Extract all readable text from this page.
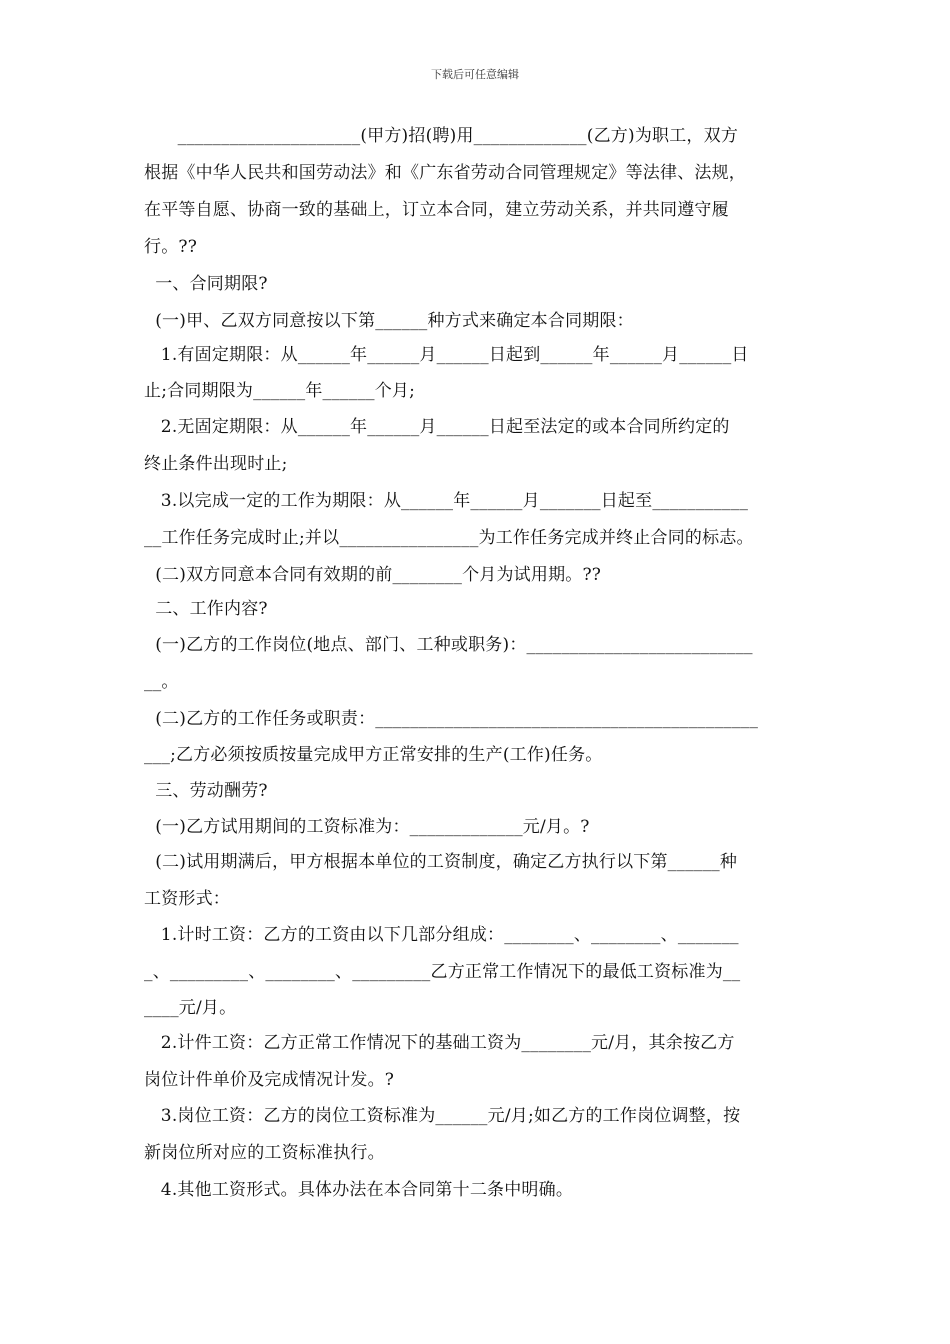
下载后可任意编辑
_____________________(甲方)招(聘)用_____________(乙方)为职工，双方
根据《中华人民共和国劳动法》和《广东省劳动合同管理规定》等法律、法规，
在平等自愿、协商一致的基础上，订立本合同，建立劳动关系，并共同遵守履
行。??
一、合同期限?
(一)甲、乙双方同意按以下第______种方式来确定本合同期限：
1.有固定期限：从______年______月______日起到______年______月______日
止;合同期限为______年______个月;
2.无固定期限：从______年______月______日起至法定的或本合同所约定的
终止条件出现时止;
3.以完成一定的工作为期限：从______年______月_______日起至___________
__工作任务完成时止;并以________________为工作任务完成并终止合同的标志。
(二)双方同意本合同有效期的前________个月为试用期。??
二、工作内容?
(一)乙方的工作岗位(地点、部门、工种或职务)：__________________________
__。
(二)乙方的工作任务或职责：____________________________________________
___;乙方必须按质按量完成甲方正常安排的生产(工作)任务。
三、劳动酬劳?
(一)乙方试用期间的工资标准为：_____________元/月。?
(二)试用期满后，甲方根据本单位的工资制度，确定乙方执行以下第______种
工资形式：
1.计时工资：乙方的工资由以下几部分组成：________、________、_______
_、_________、________、_________乙方正常工作情况下的最低工资标准为__
____元/月。
2.计件工资：乙方正常工作情况下的基础工资为________元/月，其余按乙方
岗位计件单价及完成情况计发。?
3.岗位工资：乙方的岗位工资标准为______元/月;如乙方的工作岗位调整，按
新岗位所对应的工资标准执行。
4.其他工资形式。具体办法在本合同第十二条中明确。
